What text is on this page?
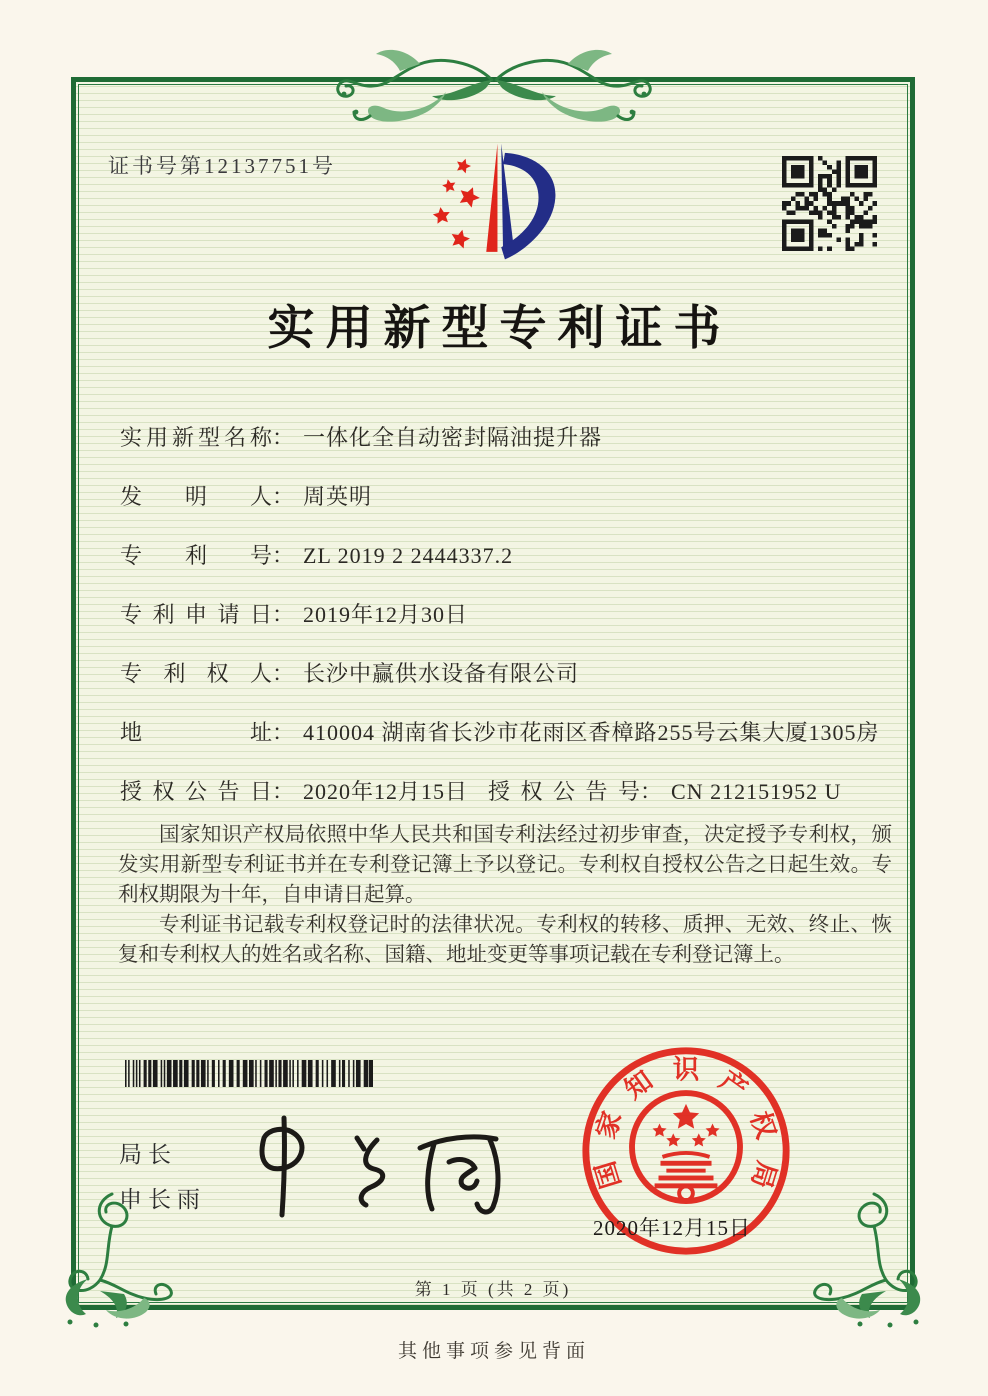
证书号第12137751号
实用新型专利证书
实用新型名称： 一体化全自动密封隔油提升器
发明人： 周英明
专利号： ZL 2019 2 2444337.2
专利申请日： 2019年12月30日
专利权人： 长沙中赢供水设备有限公司
地址： 410004 湖南省长沙市花雨区香樟路255号云集大厦1305房
授权公告日： 2020年12月15日 授权公告号： CN 212151952 U

国家知识产权局依照中华人民共和国专利法经过初步审查，决定授予专利权，颁发实用新型专利证书并在专利登记簿上予以登记。专利权自授权公告之日起生效。专利权期限为十年，自申请日起算。

专利证书记载专利权登记时的法律状况。专利权的转移、质押、无效、终止、恢复和专利权人的姓名或名称、国籍、地址变更等事项记载在专利登记簿上。

局长
申长雨
国
家
知 识 产
权
局
2020年12月15日
第 1 页 (共 2 页)
其他事项参见背面
